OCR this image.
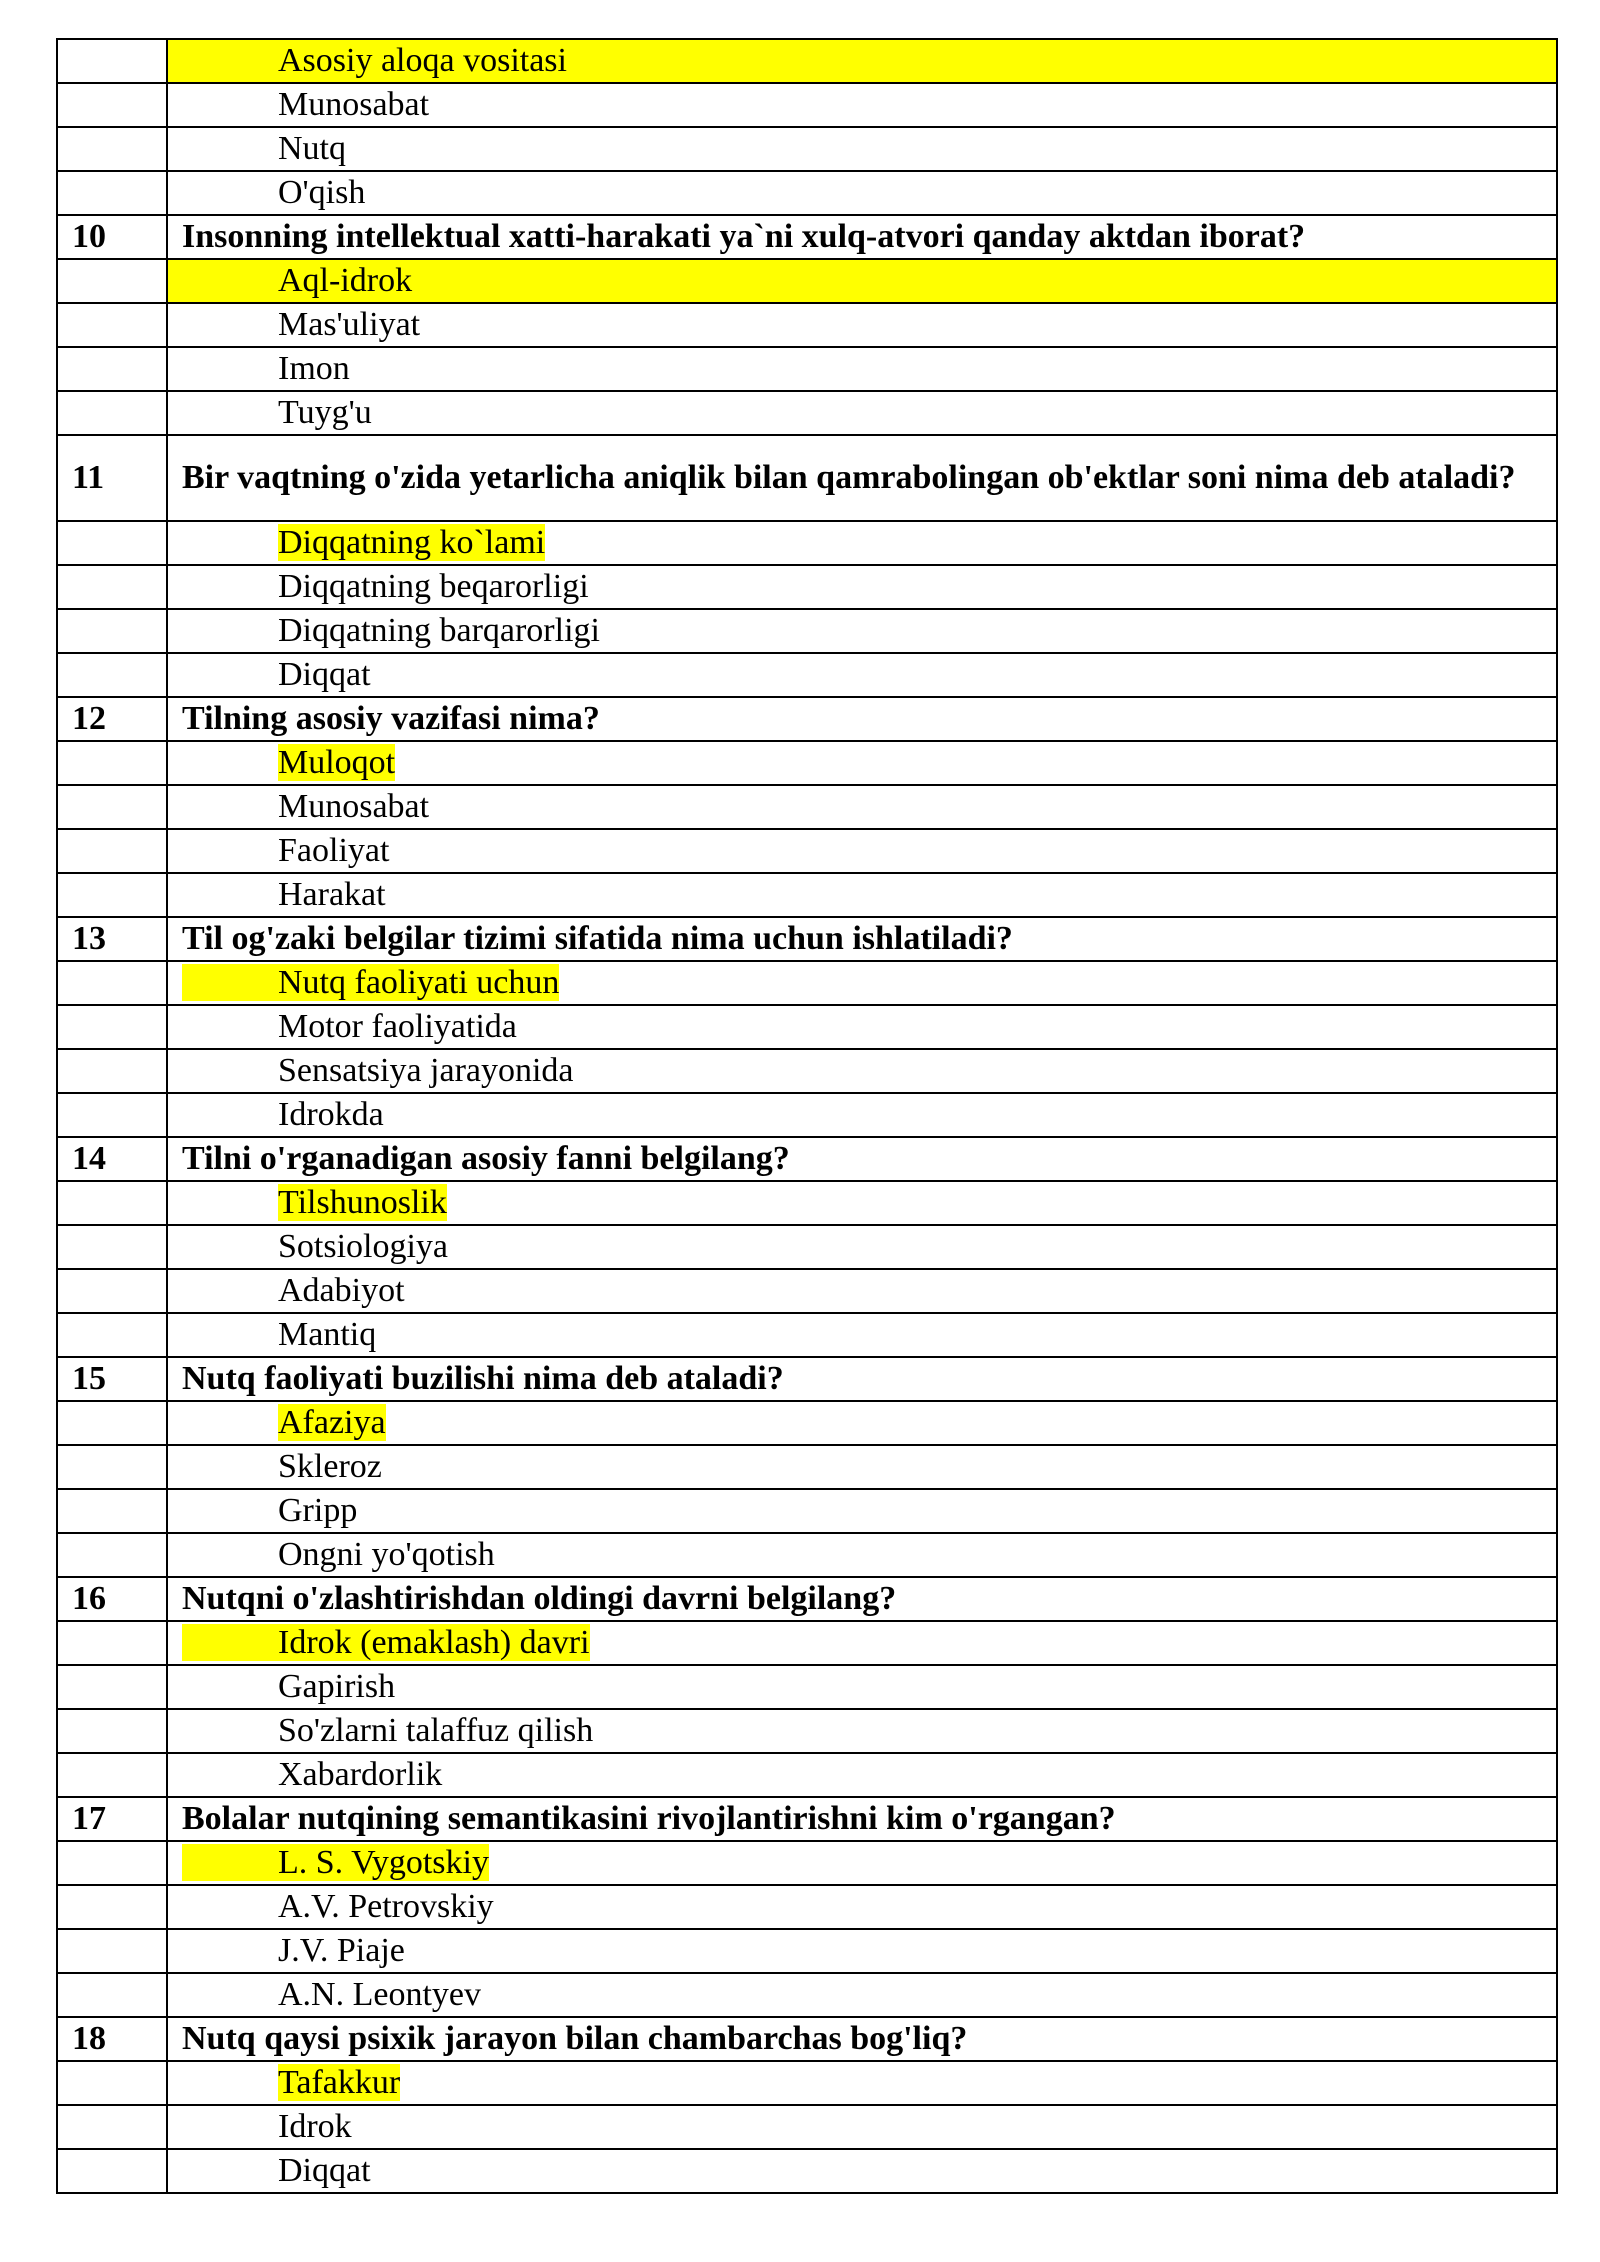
	Asosiy aloqa vositasi
	Munosabat
	Nutq
	O'qish
10	Insonning intellektual xatti-harakati ya`ni xulq-atvori qanday aktdan iborat?
	Aql-idrok
	Mas'uliyat
	Imon
	Tuyg'u
11	Bir vaqtning o'zida yetarlicha aniqlik bilan qamrabolingan ob'ektlar soni nima deb ataladi?
	Diqqatning ko`lami
	Diqqatning beqarorligi
	Diqqatning barqarorligi
	Diqqat
12	Tilning asosiy vazifasi nima?
	Muloqot
	Munosabat
	Faoliyat
	Harakat
13	Til og'zaki belgilar tizimi sifatida nima uchun ishlatiladi?
	Nutq faoliyati uchun
	Motor faoliyatida
	Sensatsiya jarayonida
	Idrokda
14	Tilni o'rganadigan asosiy fanni belgilang?
	Tilshunoslik
	Sotsiologiya
	Adabiyot
	Mantiq
15	Nutq faoliyati buzilishi nima deb ataladi?
	Afaziya
	Skleroz
	Gripp
	Ongni yo'qotish
16	Nutqni o'zlashtirishdan oldingi davrni belgilang?
	Idrok (emaklash) davri
	Gapirish
	So'zlarni talaffuz qilish
	Xabardorlik
17	Bolalar nutqining semantikasini rivojlantirishni kim o'rgangan?
	L. S. Vygotskiy
	A.V. Petrovskiy
	J.V. Piaje
	A.N. Leontyev
18	Nutq qaysi psixik jarayon bilan chambarchas bog'liq?
	Tafakkur
	Idrok
	Diqqat
